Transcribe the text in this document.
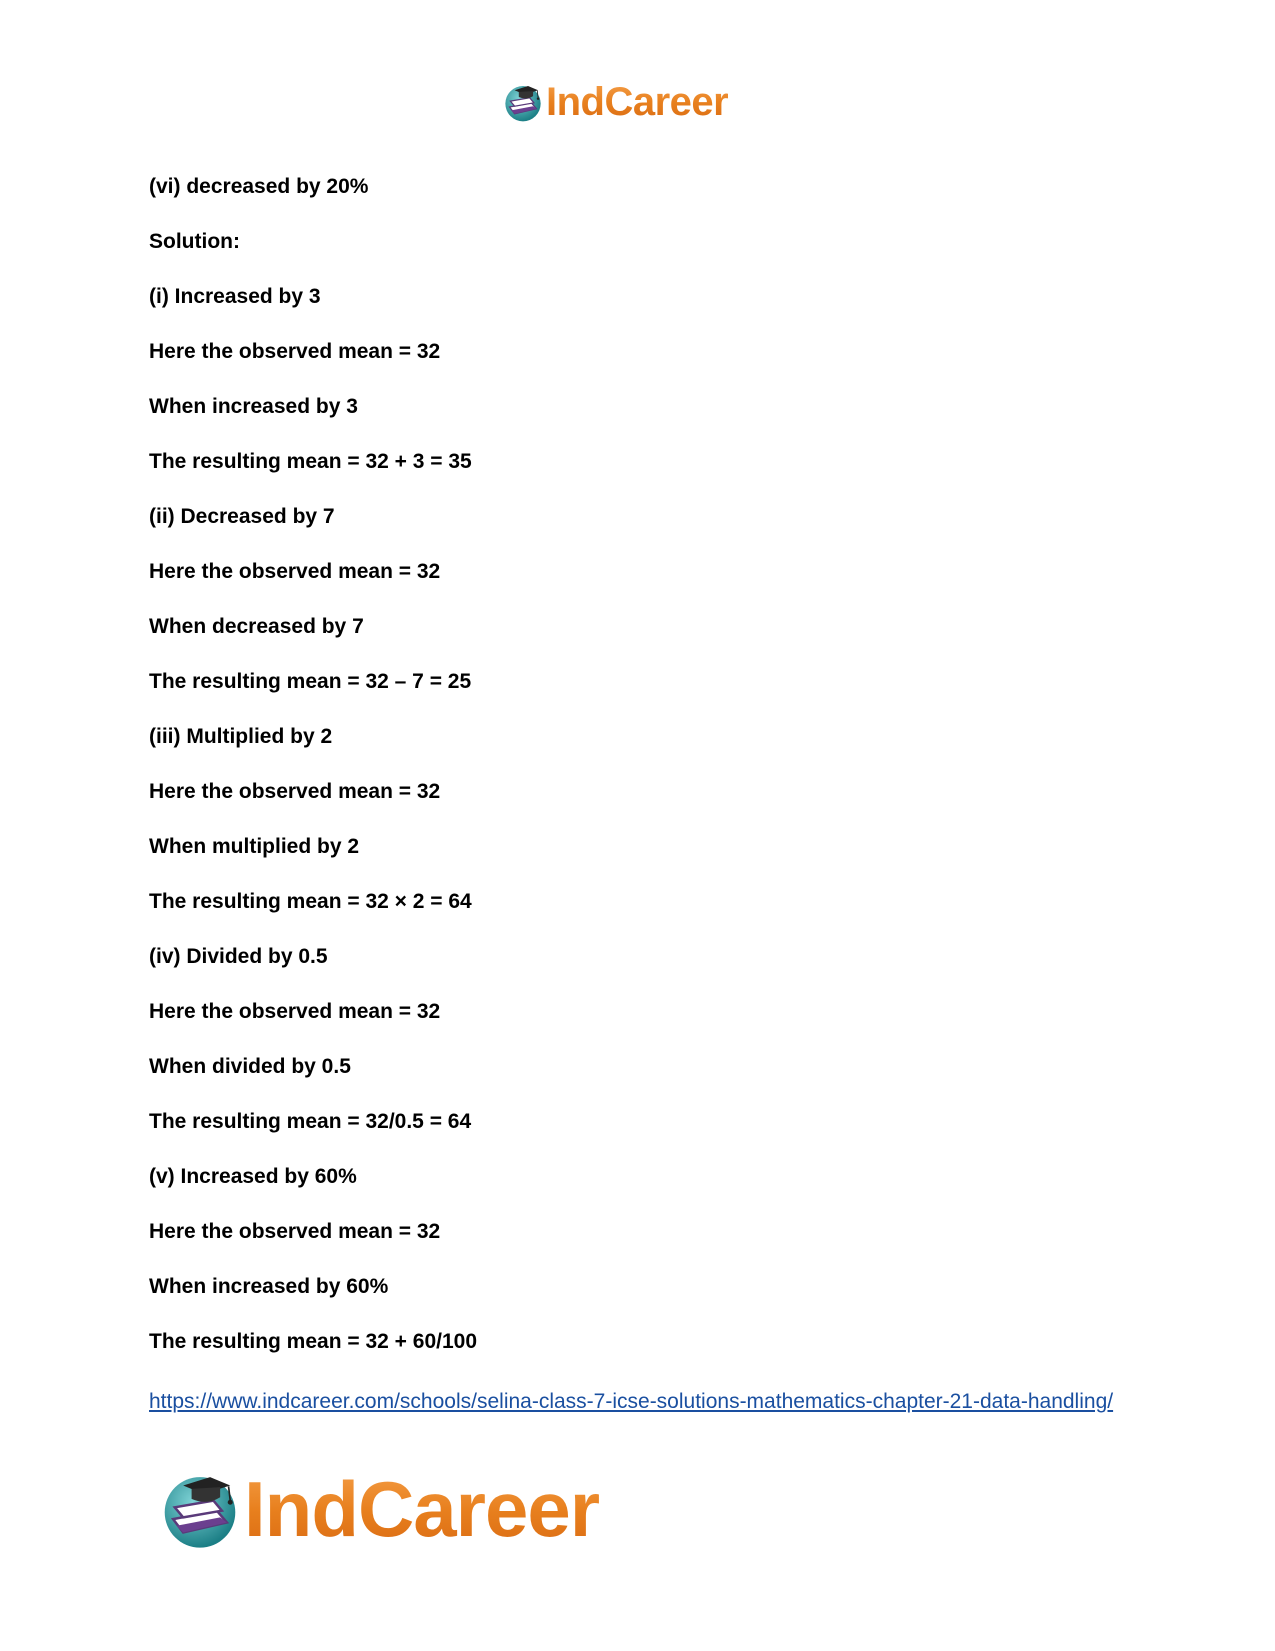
IndCareer
(vi) decreased by 20%
Solution:
(i) Increased by 3
Here the observed mean = 32
When increased by 3
The resulting mean = 32 + 3 = 35
(ii) Decreased by 7
Here the observed mean = 32
When decreased by 7
The resulting mean = 32 – 7 = 25
(iii) Multiplied by 2
Here the observed mean = 32
When multiplied by 2
The resulting mean = 32 × 2 = 64
(iv) Divided by 0.5
Here the observed mean = 32
When divided by 0.5
The resulting mean = 32/0.5 = 64
(v) Increased by 60%
Here the observed mean = 32
When increased by 60%
The resulting mean = 32 + 60/100
https://www.indcareer.com/schools/selina-class-7-icse-solutions-mathematics-chapter-21-data-handling/
IndCareer
